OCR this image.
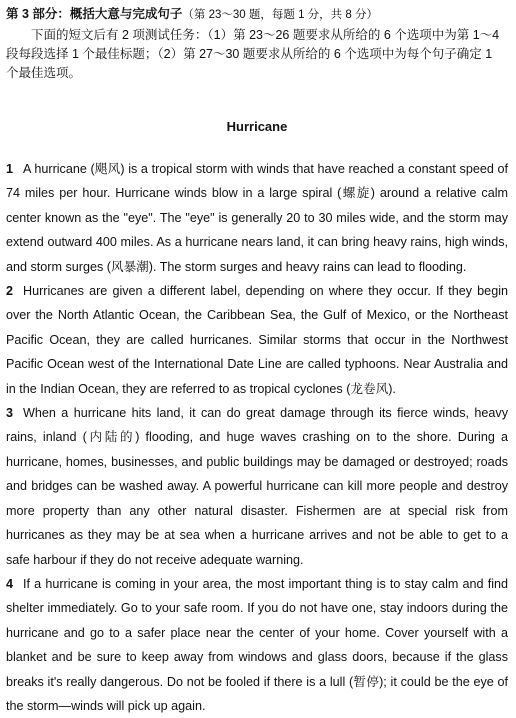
第 3 部分：概括大意与完成句子（第 23～30 题，每题 1 分，共 8 分）

下面的短文后有 2 项测试任务：（1）第 23～26 题要求从所给的 6 个选项中为第 1～4 段每段选择 1 个最佳标题；（2）第 27～30 题要求从所给的 6 个选项中为每个句子确定 1 个最佳选项。

Hurricane

1 A hurricane (飓风) is a tropical storm with winds that have reached a constant speed of 74 miles per hour. Hurricane winds blow in a large spiral (螺旋) around a relative calm center known as the "eye". The "eye" is generally 20 to 30 miles wide, and the storm may extend outward 400 miles. As a hurricane nears land, it can bring heavy rains, high winds, and storm surges (风暴潮). The storm surges and heavy rains can lead to flooding.

2 Hurricanes are given a different label, depending on where they occur. If they begin over the North Atlantic Ocean, the Caribbean Sea, the Gulf of Mexico, or the Northeast Pacific Ocean, they are called hurricanes. Similar storms that occur in the Northwest Pacific Ocean west of the International Date Line are called typhoons. Near Australia and in the Indian Ocean, they are referred to as tropical cyclones (龙卷风).

3 When a hurricane hits land, it can do great damage through its fierce winds, heavy rains, inland (内陆的) flooding, and huge waves crashing on to the shore. During a hurricane, homes, businesses, and public buildings may be damaged or destroyed; roads and bridges can be washed away. A powerful hurricane can kill more people and destroy more property than any other natural disaster. Fishermen are at special risk from hurricanes as they may be at sea when a hurricane arrives and not be able to get to a safe harbour if they do not receive adequate warning.

4 If a hurricane is coming in your area, the most important thing is to stay calm and find shelter immediately. Go to your safe room. If you do not have one, stay indoors during the hurricane and go to a safer place near the center of your home. Cover yourself with a blanket and be sure to keep away from windows and glass doors, because if the glass breaks it's really dangerous. Do not be fooled if there is a lull (暂停); it could be the eye of the storm—winds will pick up again.
